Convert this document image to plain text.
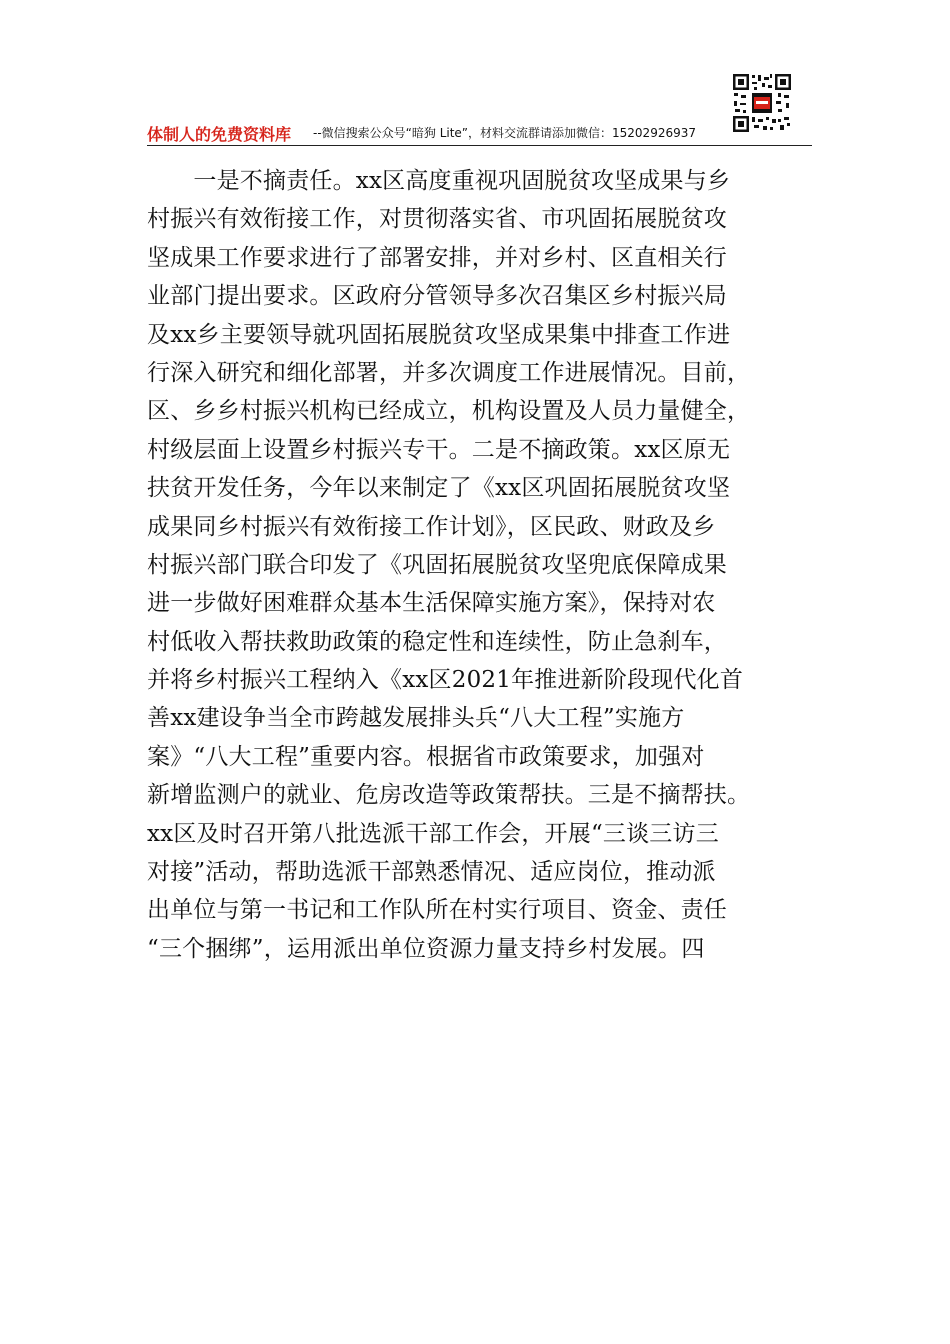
体制人的免费资料库 --微信搜索公众号“暗狗 Lite”，材料交流群请添加微信：15202926937
　　一是不摘责任。xx区高度重视巩固脱贫攻坚成果与乡
村振兴有效衔接工作，对贯彻落实省、市巩固拓展脱贫攻
坚成果工作要求进行了部署安排，并对乡村、区直相关行
业部门提出要求。区政府分管领导多次召集区乡村振兴局
及xx乡主要领导就巩固拓展脱贫攻坚成果集中排查工作进
行深入研究和细化部署，并多次调度工作进展情况。目前，
区、乡乡村振兴机构已经成立，机构设置及人员力量健全，
村级层面上设置乡村振兴专干。二是不摘政策。xx区原无
扶贫开发任务，今年以来制定了《xx区巩固拓展脱贫攻坚
成果同乡村振兴有效衔接工作计划》，区民政、财政及乡
村振兴部门联合印发了《巩固拓展脱贫攻坚兜底保障成果
进一步做好困难群众基本生活保障实施方案》，保持对农
村低收入帮扶救助政策的稳定性和连续性，防止急刹车，
并将乡村振兴工程纳入《xx区2021年推进新阶段现代化首
善xx建设争当全市跨越发展排头兵“八大工程”实施方
案》“八大工程”重要内容。根据省市政策要求，加强对
新增监测户的就业、危房改造等政策帮扶。三是不摘帮扶。
xx区及时召开第八批选派干部工作会，开展“三谈三访三
对接”活动，帮助选派干部熟悉情况、适应岗位，推动派
出单位与第一书记和工作队所在村实行项目、资金、责任
“三个捆绑”，运用派出单位资源力量支持乡村发展。四
